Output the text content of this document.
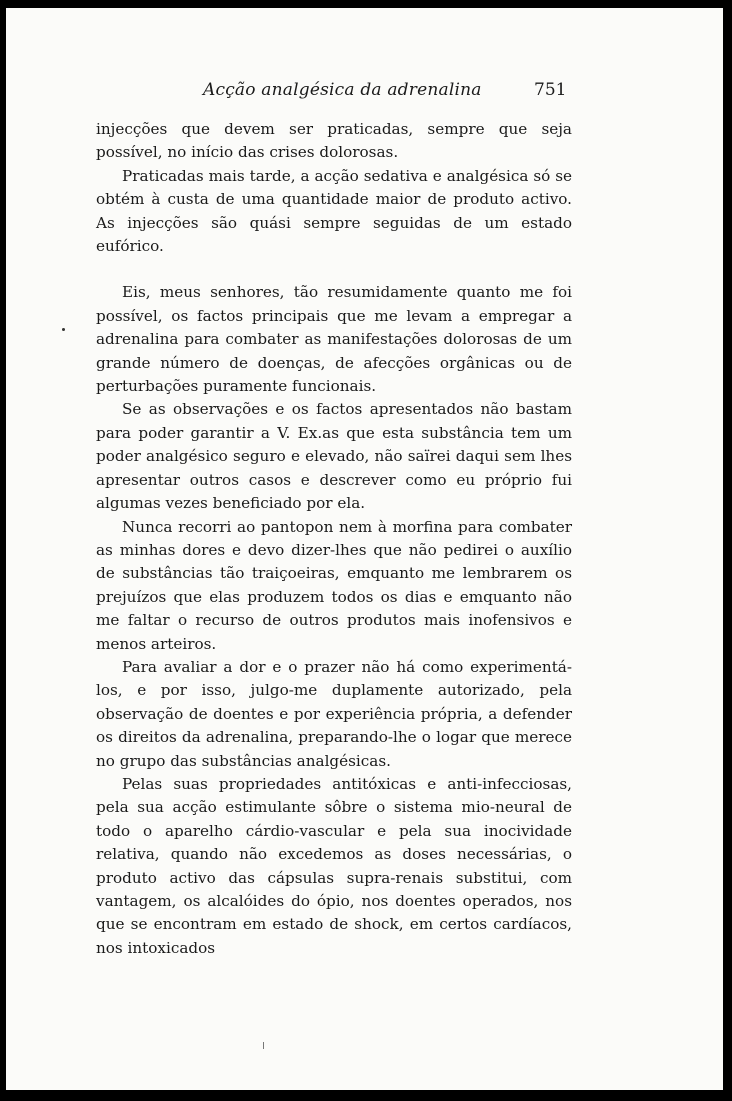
Acção analgésica da adrenalina	751

injecções que devem ser praticadas, sempre que seja possível, no início das crises dolorosas.

Praticadas mais tarde, a acção sedativa e analgésica só se obtém à custa de uma quantidade maior de produto activo. As injecções são quási sempre seguidas de um estado eufórico.

Eis, meus senhores, tão resumidamente quanto me foi possível, os factos principais que me levam a empregar a adrenalina para combater as manifestações dolorosas de um grande número de doenças, de afecções orgânicas ou de perturbações puramente funcionais.

Se as observações e os factos apresentados não bastam para poder garantir a V. Ex.as que esta substância tem um poder analgésico seguro e elevado, não saïrei daqui sem lhes apresentar outros casos e descrever como eu próprio fui algumas vezes beneficiado por ela.

Nunca recorri ao pantopon nem à morfina para combater as minhas dores e devo dizer-lhes que não pedirei o auxílio de substâncias tão traiçoeiras, emquanto me lembrarem os prejuízos que elas produzem todos os dias e emquanto não me faltar o recurso de outros produtos mais inofensivos e menos arteiros.

Para avaliar a dor e o prazer não há como experimentá-los, e por isso, julgo-me duplamente autorizado, pela observação de doentes e por experiência própria, a defender os direitos da adrenalina, preparando-lhe o logar que merece no grupo das substâncias analgésicas.

Pelas suas propriedades antitóxicas e anti-infecciosas, pela sua acção estimulante sôbre o sistema mio-neural de todo o aparelho cárdio-vascular e pela sua inocividade relativa, quando não excedemos as doses necessárias, o produto activo das cápsulas supra-renais substitui, com vantagem, os alcalóides do ópio, nos doentes operados, nos que se encontram em estado de shock, em certos cardíacos, nos intoxicados
